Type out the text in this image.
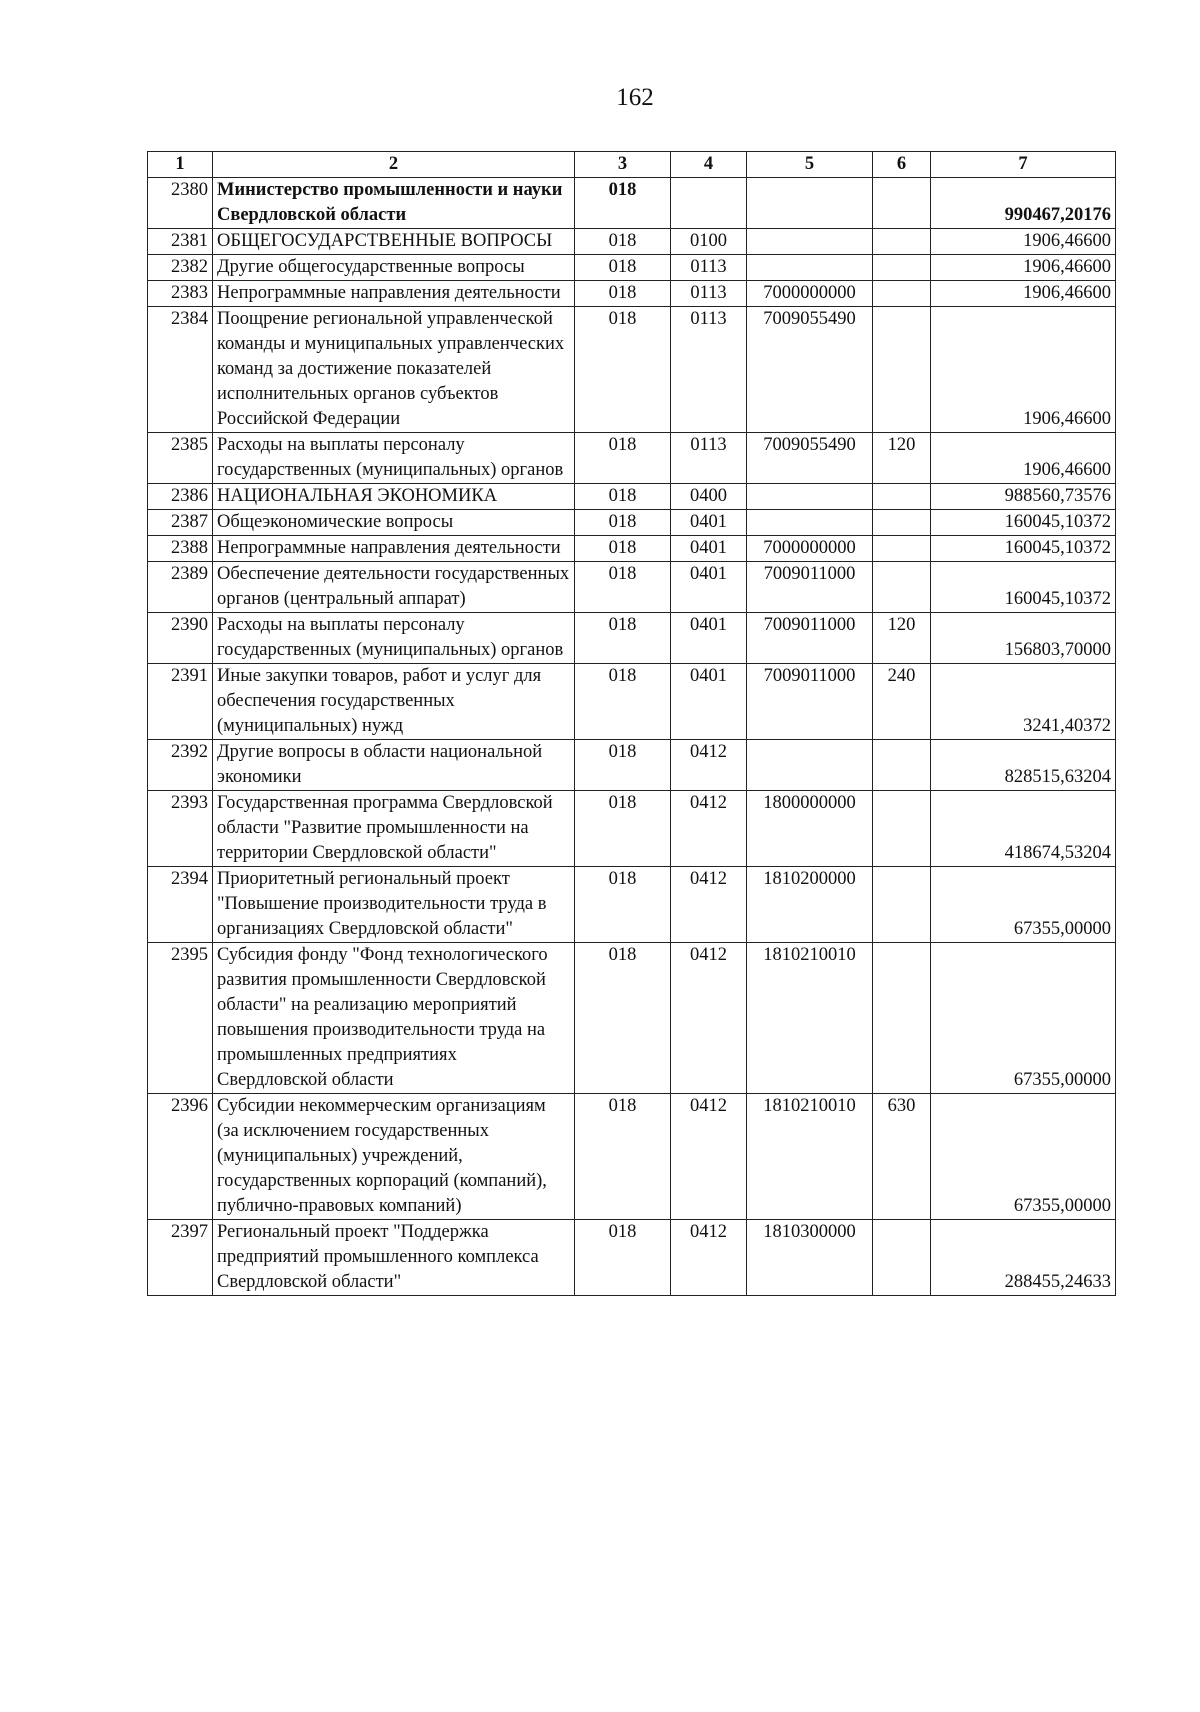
162
1	2	3	4	5	6	7
2380	Министерство промышленности и науки Свердловской области	018				990467,20176
2381	ОБЩЕГОСУДАРСТВЕННЫЕ ВОПРОСЫ	018	0100			1906,46600
2382	Другие общегосударственные вопросы	018	0113			1906,46600
2383	Непрограммные направления деятельности	018	0113	7000000000		1906,46600
2384	Поощрение региональной управленческой команды и муниципальных управленческих команд за достижение показателей исполнительных органов субъектов Российской Федерации	018	0113	7009055490		1906,46600
2385	Расходы на выплаты персоналу государственных (муниципальных) органов	018	0113	7009055490	120	1906,46600
2386	НАЦИОНАЛЬНАЯ ЭКОНОМИКА	018	0400			988560,73576
2387	Общеэкономические вопросы	018	0401			160045,10372
2388	Непрограммные направления деятельности	018	0401	7000000000		160045,10372
2389	Обеспечение деятельности государственных органов (центральный аппарат)	018	0401	7009011000		160045,10372
2390	Расходы на выплаты персоналу государственных (муниципальных) органов	018	0401	7009011000	120	156803,70000
2391	Иные закупки товаров, работ и услуг для обеспечения государственных (муниципальных) нужд	018	0401	7009011000	240	3241,40372
2392	Другие вопросы в области национальной экономики	018	0412			828515,63204
2393	Государственная программа Свердловской области "Развитие промышленности на территории Свердловской области"	018	0412	1800000000		418674,53204
2394	Приоритетный региональный проект "Повышение производительности труда в организациях Свердловской области"	018	0412	1810200000		67355,00000
2395	Субсидия фонду "Фонд технологического развития промышленности Свердловской области" на реализацию мероприятий повышения производительности труда на промышленных предприятиях Свердловской области	018	0412	1810210010		67355,00000
2396	Субсидии некоммерческим организациям (за исключением государственных (муниципальных) учреждений, государственных корпораций (компаний), публично-правовых компаний)	018	0412	1810210010	630	67355,00000
2397	Региональный проект "Поддержка предприятий промышленного комплекса Свердловской области"	018	0412	1810300000		288455,24633
